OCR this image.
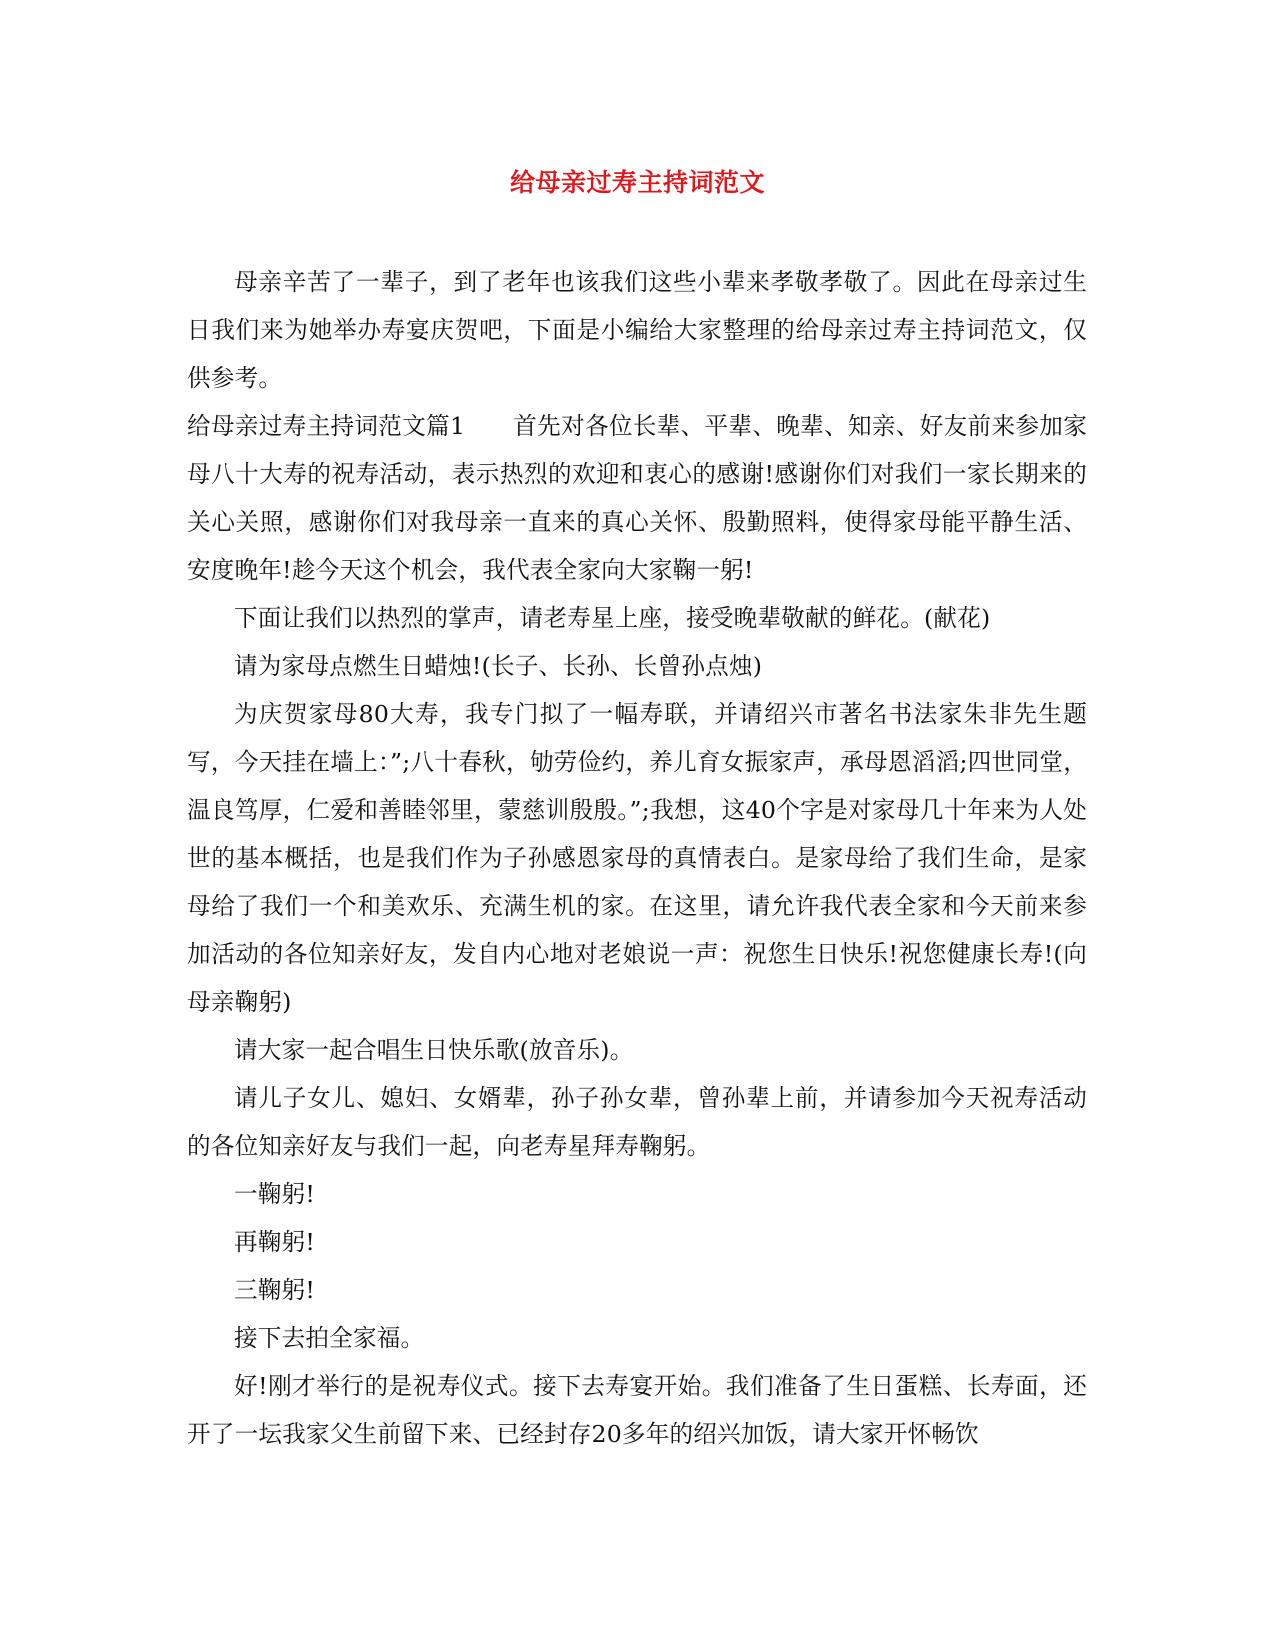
给母亲过寿主持词范文

母亲辛苦了一辈子，到了老年也该我们这些小辈来孝敬孝敬了。因此在母亲过生日我们来为她举办寿宴庆贺吧，下面是小编给大家整理的给母亲过寿主持词范文，仅供参考。

给母亲过寿主持词范文篇1　　首先对各位长辈、平辈、晚辈、知亲、好友前来参加家母八十大寿的祝寿活动，表示热烈的欢迎和衷心的感谢!感谢你们对我们一家长期来的关心关照，感谢你们对我母亲一直来的真心关怀、殷勤照料，使得家母能平静生活、安度晚年!趁今天这个机会，我代表全家向大家鞠一躬!

下面让我们以热烈的掌声，请老寿星上座，接受晚辈敬献的鲜花。(献花)

请为家母点燃生日蜡烛!(长子、长孙、长曾孙点烛)

为庆贺家母80大寿，我专门拟了一幅寿联，并请绍兴市著名书法家朱非先生题写，今天挂在墙上：”;八十春秋，劬劳俭约，养儿育女振家声，承母恩滔滔;四世同堂，温良笃厚，仁爱和善睦邻里，蒙慈训殷殷。”;我想，这40个字是对家母几十年来为人处世的基本概括，也是我们作为子孙感恩家母的真情表白。是家母给了我们生命，是家母给了我们一个和美欢乐、充满生机的家。在这里，请允许我代表全家和今天前来参加活动的各位知亲好友，发自内心地对老娘说一声：祝您生日快乐!祝您健康长寿!(向母亲鞠躬)

请大家一起合唱生日快乐歌(放音乐)。

请儿子女儿、媳妇、女婿辈，孙子孙女辈，曾孙辈上前，并请参加今天祝寿活动的各位知亲好友与我们一起，向老寿星拜寿鞠躬。

一鞠躬!

再鞠躬!

三鞠躬!

接下去拍全家福。

好!刚才举行的是祝寿仪式。接下去寿宴开始。我们准备了生日蛋糕、长寿面，还开了一坛我家父生前留下来、已经封存20多年的绍兴加饭，请大家开怀畅饮
